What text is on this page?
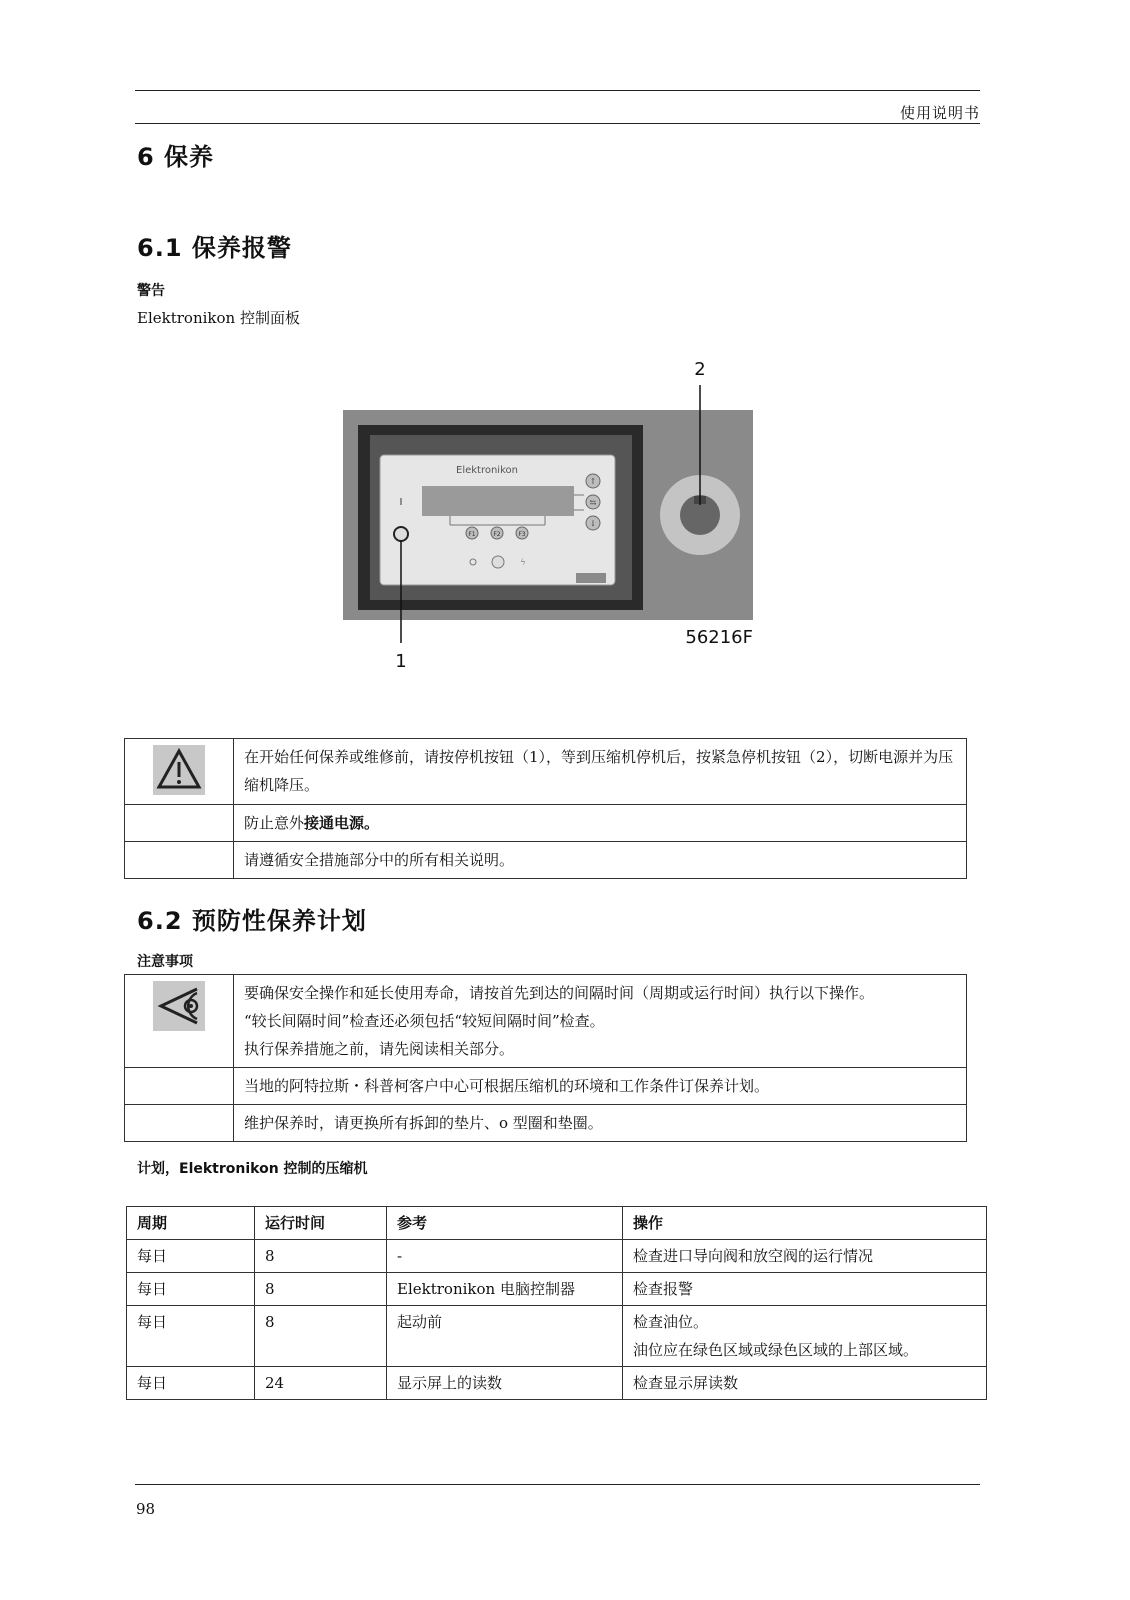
使用说明书
6 保养
6.1 保养报警
警告
Elektronikon 控制面板
Elektronikon
F1	F2	F3
↑
⇆
↓
I
ϟ
1
2
56216F
	在开始任何保养或维修前，请按停机按钮（1），等到压缩机停机后，按紧急停机按钮（2），切断电源并为压缩机降压。
	防止意外接通电源。
	请遵循安全措施部分中的所有相关说明。
6.2 预防性保养计划
注意事项

要确保安全操作和延长使用寿命，请按首先到达的间隔时间（周期或运行时间）执行以下操作。
“较长间隔时间”检查还必须包括“较短间隔时间”检查。
执行保养措施之前，请先阅读相关部分。

	当地的阿特拉斯・科普柯客户中心可根据压缩机的环境和工作条件订保养计划。
	维护保养时，请更换所有拆卸的垫片、o 型圈和垫圈。
计划，Elektronikon 控制的压缩机
周期	运行时间	参考	操作
每日	8	-	检查进口导向阀和放空阀的运行情况
每日	8	Elektronikon 电脑控制器	检查报警
每日	8	起动前	检查油位。
油位应在绿色区域或绿色区域的上部区域。

每日	24	显示屏上的读数	检查显示屏读数
98
